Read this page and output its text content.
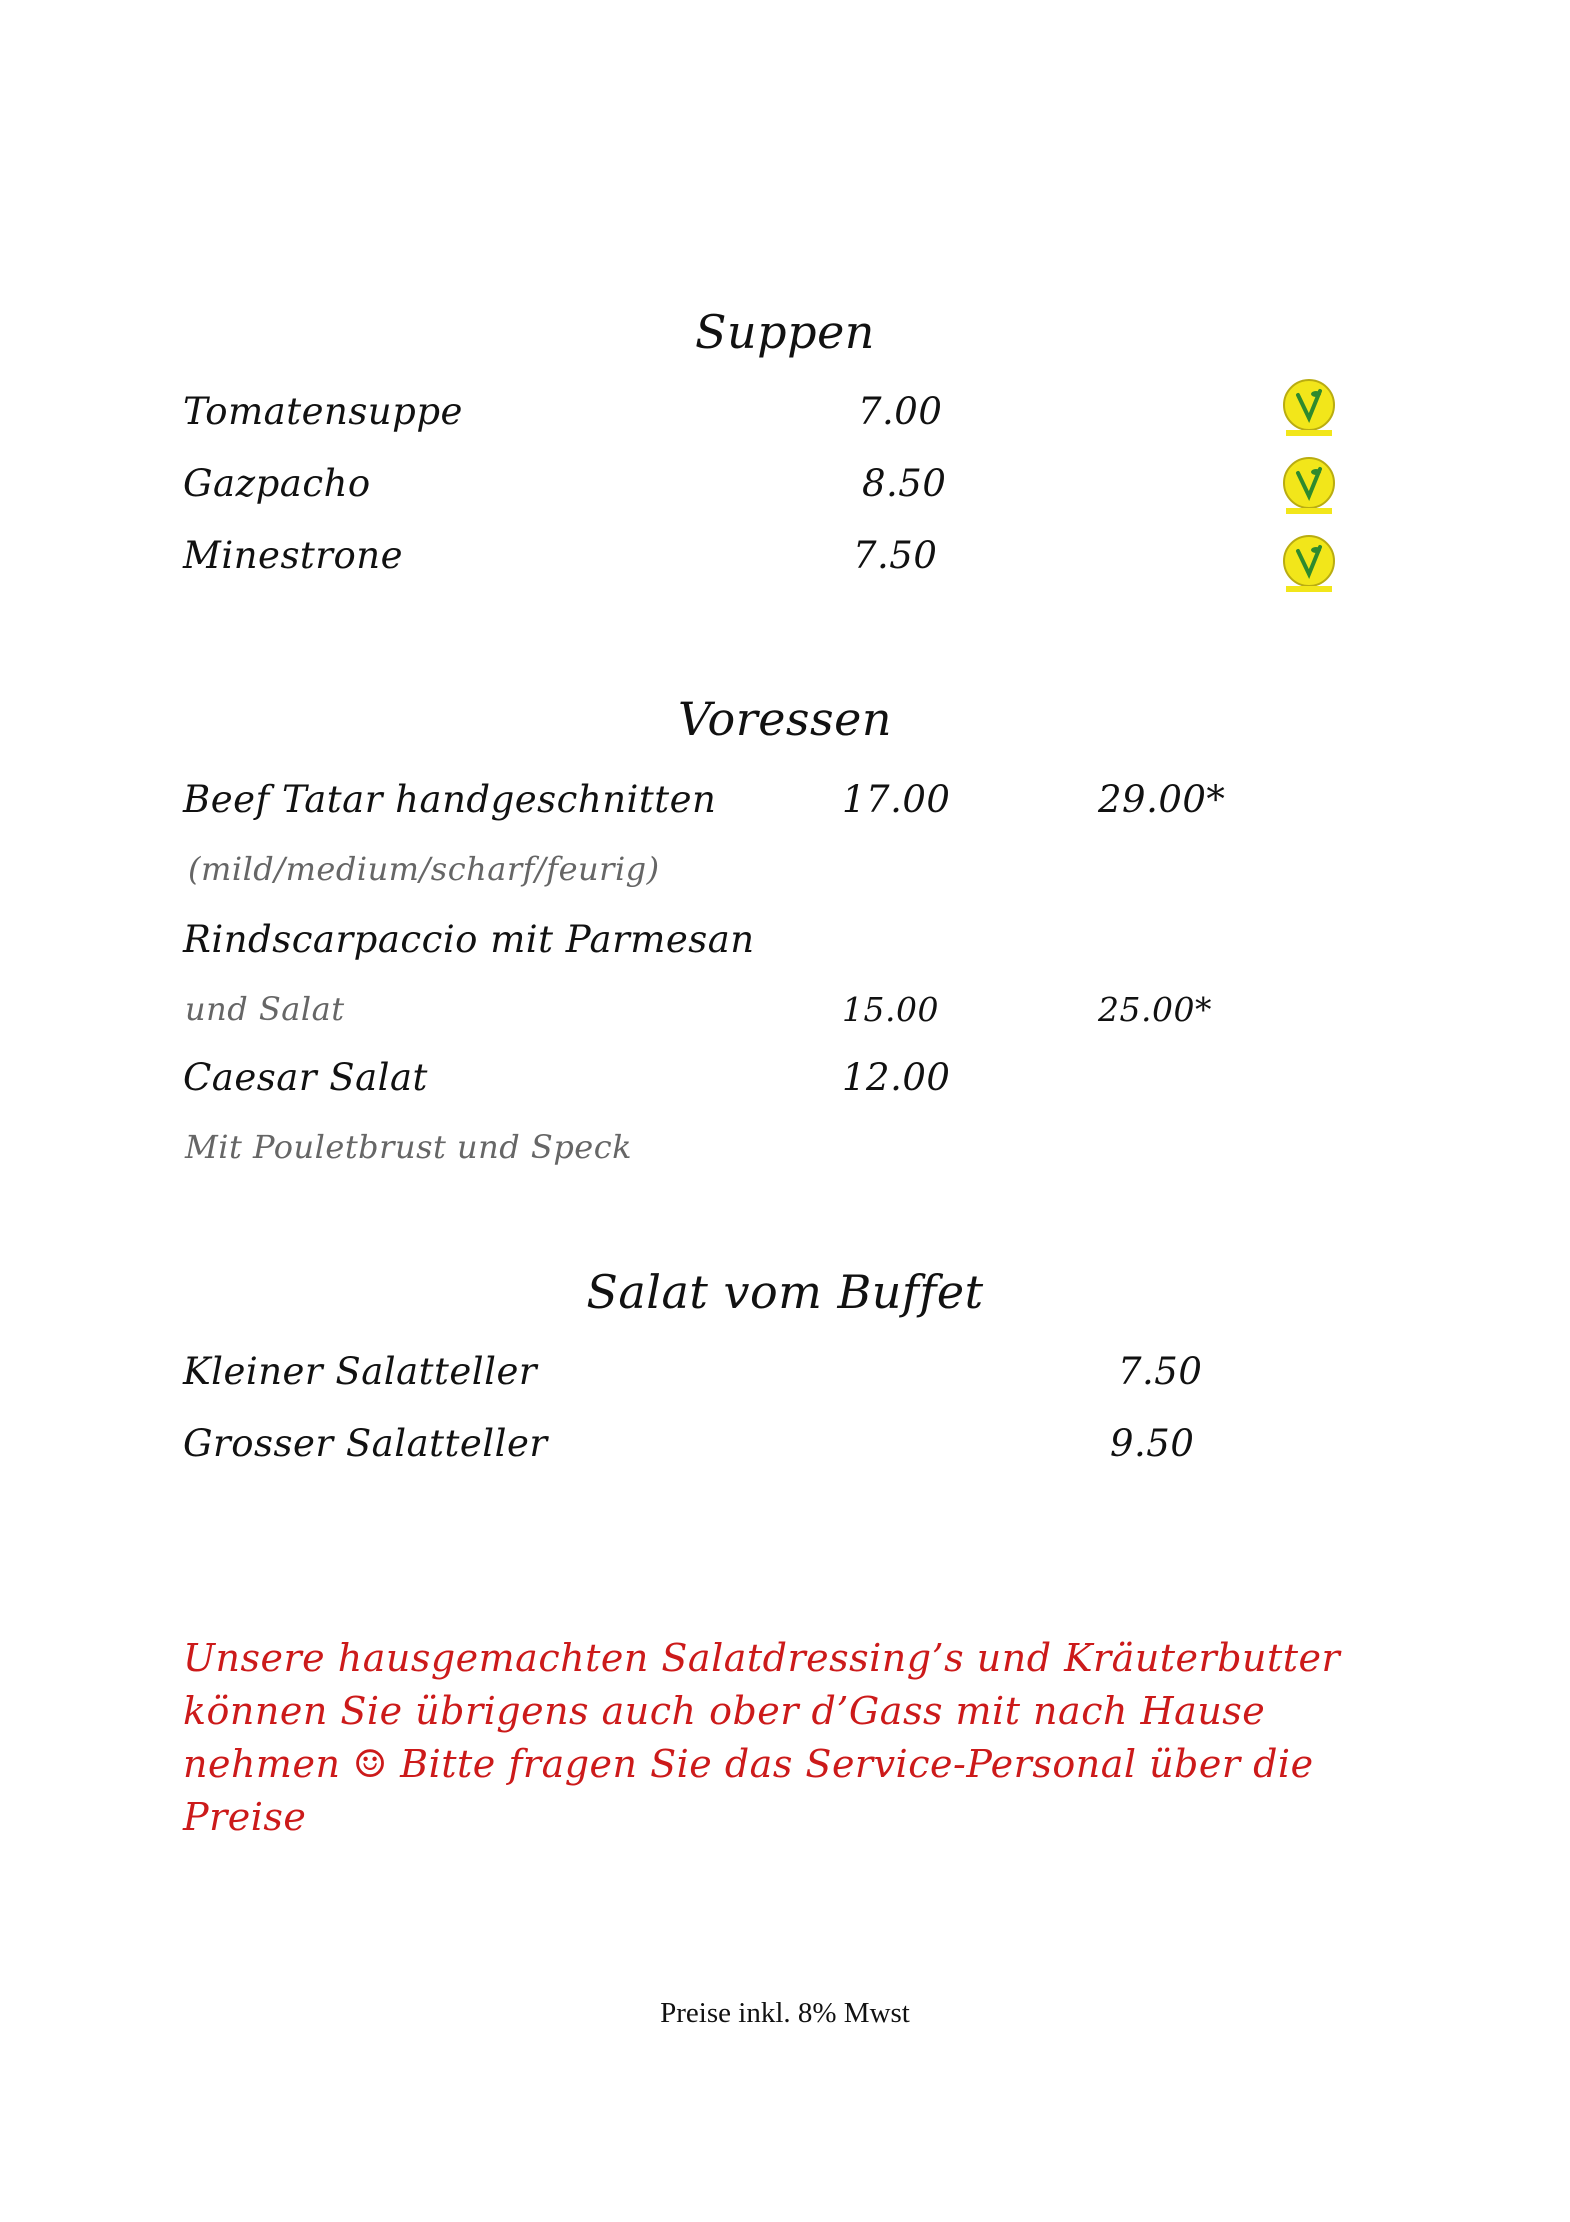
Suppen
Tomatensuppe	7.00
Gazpacho	8.50
Minestrone	7.50
Voressen
Beef Tatar handgeschnitten	17.00	29.00*
(mild/medium/scharf/feurig)
Rindscarpaccio mit Parmesan
und Salat	15.00	25.00*
Caesar Salat	12.00
Mit Pouletbrust und Speck
Salat vom Buffet
Kleiner Salatteller	7.50
Grosser Salatteller	9.50
Unsere hausgemachten Salatdressing’s und Kräuterbutter können Sie übrigens auch ober d’Gass mit nach Hause nehmen ☺ Bitte fragen Sie das Service-Personal über die Preise
Preise inkl. 8% Mwst
